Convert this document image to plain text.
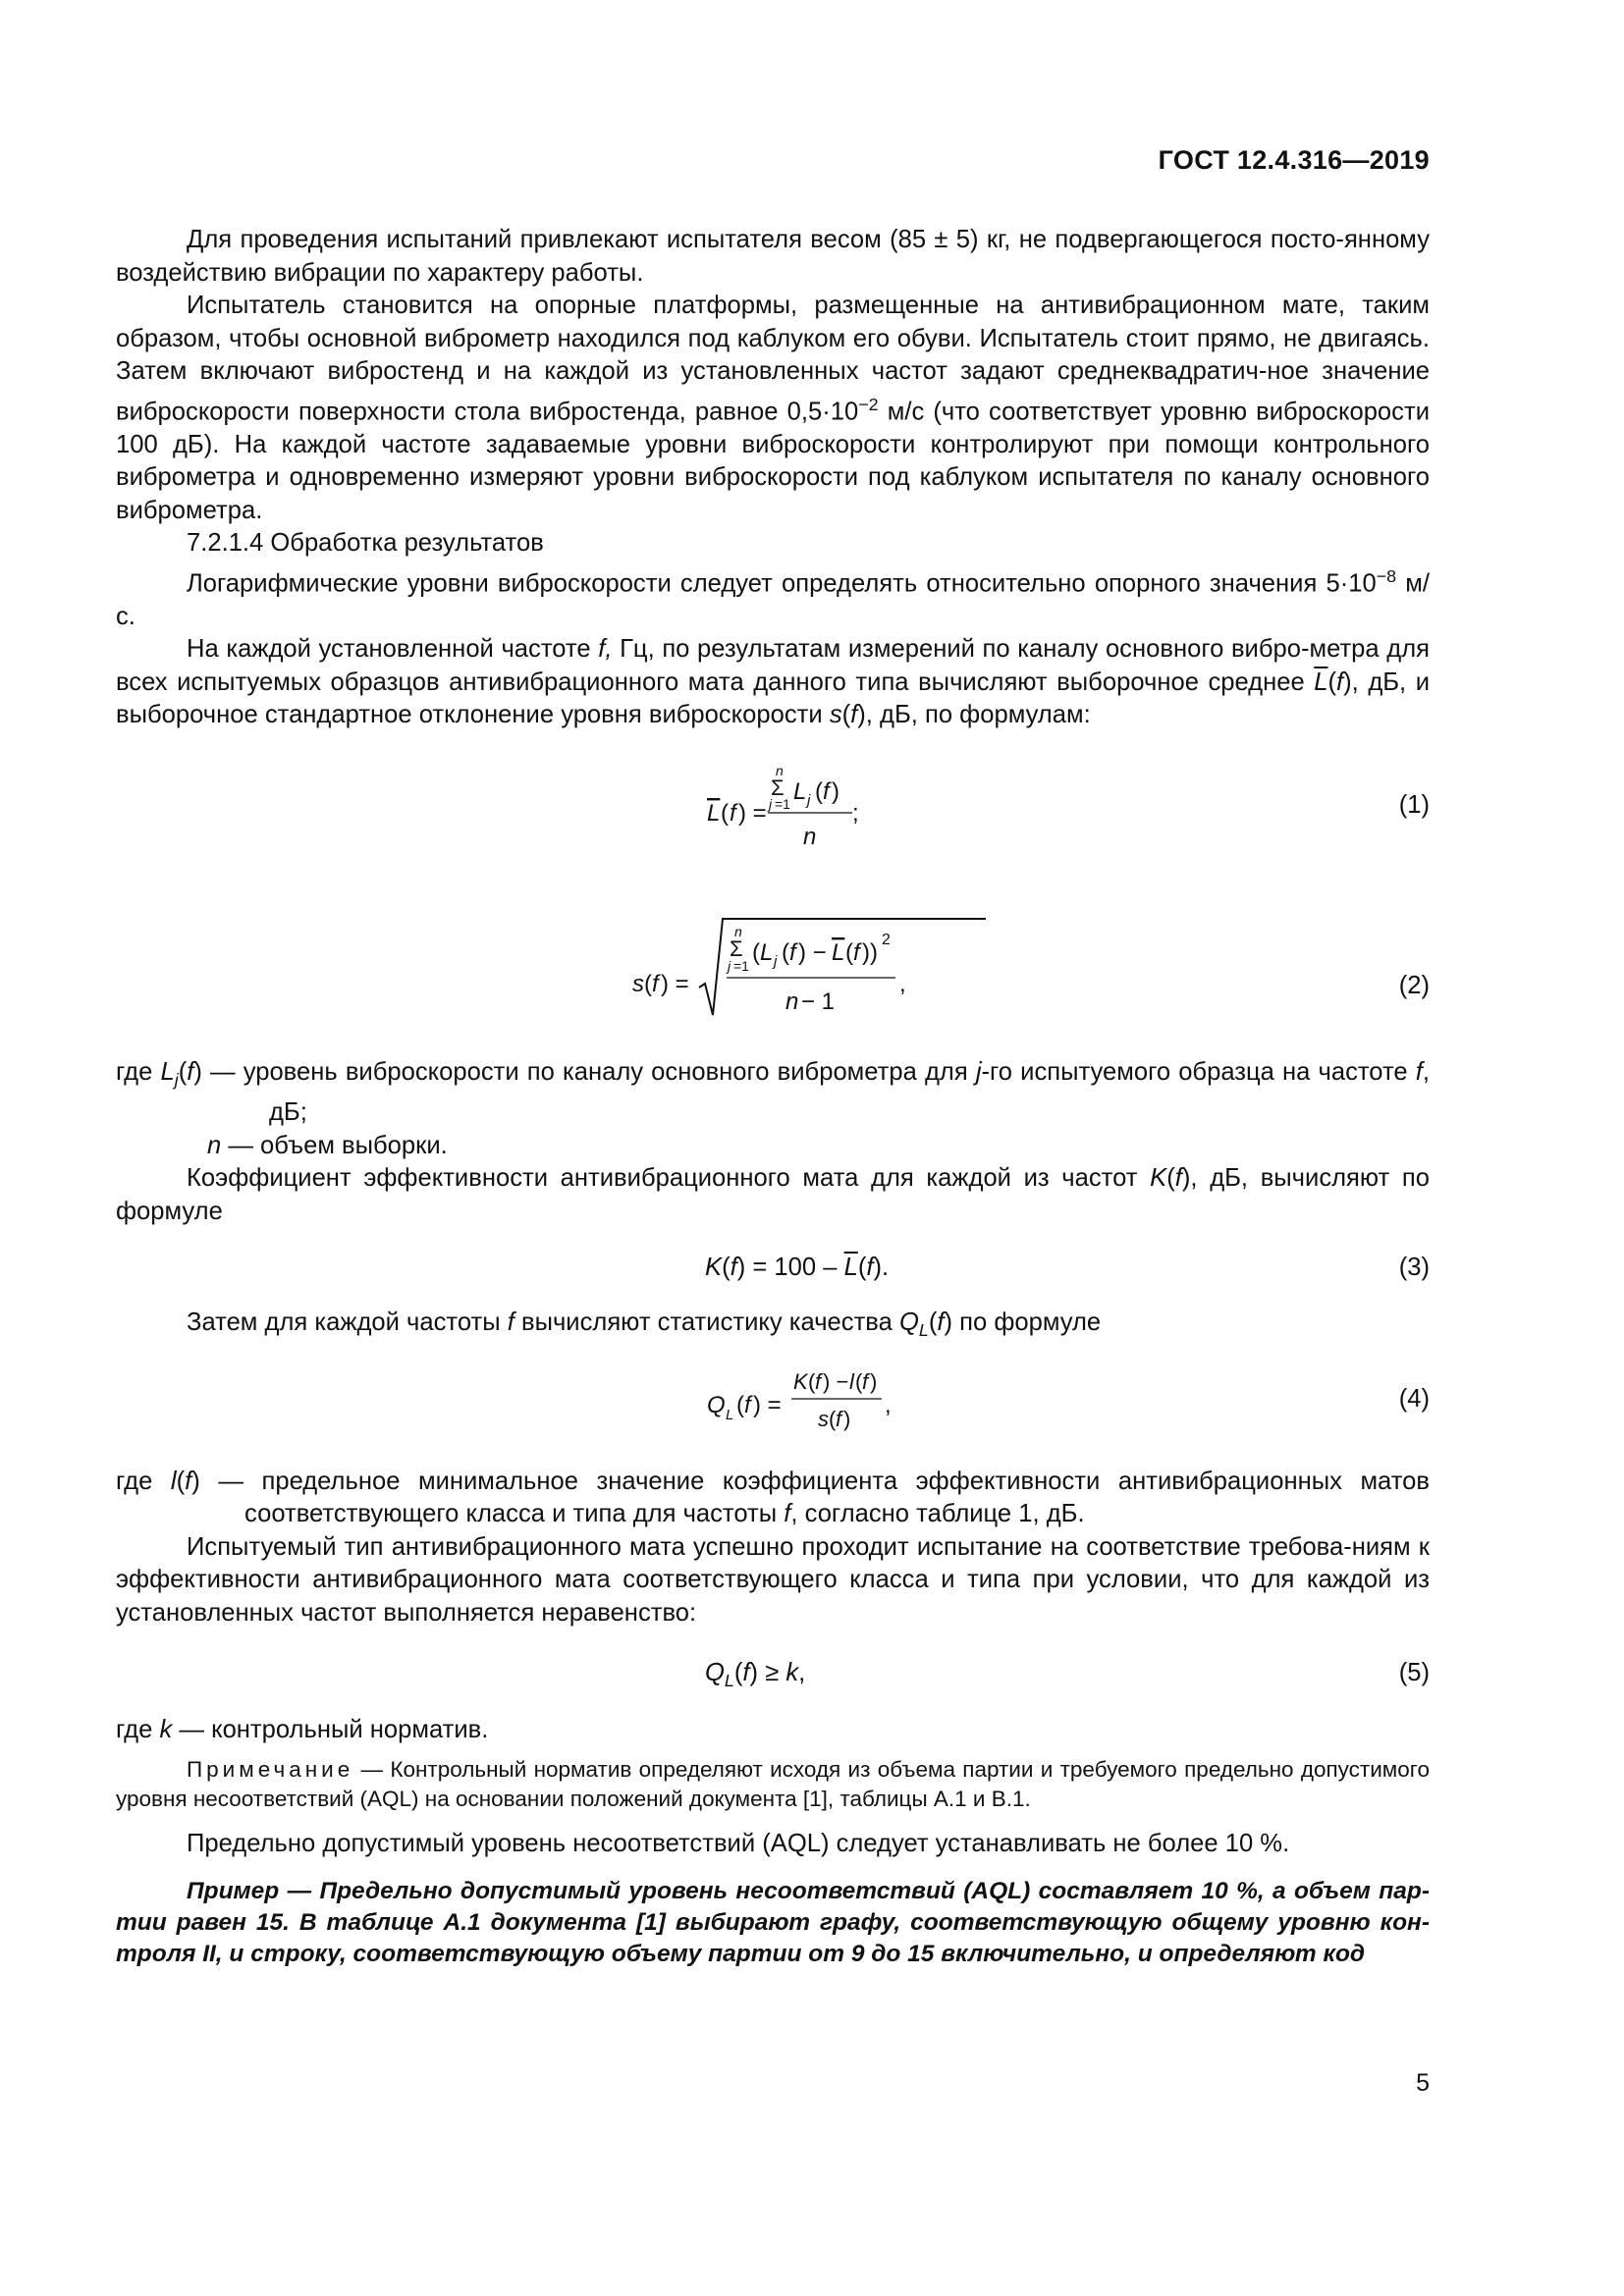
ГОСТ 12.4.316—2019

Для проведения испытаний привлекают испытателя весом (85 ± 5) кг, не подвергающегося посто-янному воздействию вибрации по характеру работы.

Испытатель становится на опорные платформы, размещенные на антивибрационном мате, таким образом, чтобы основной виброметр находился под каблуком его обуви. Испытатель стоит прямо, не двигаясь. Затем включают вибростенд и на каждой из установленных частот задают среднеквадратич-ное значение виброскорости поверхности стола вибростенда, равное $0,5\cdot 10^{-2}$ м/с (что соответствует уровню виброскорости 100 дБ). На каждой частоте задаваемые уровни виброскорости контролируют при помощи контрольного виброметра и одновременно измеряют уровни виброскорости под каблуком испытателя по каналу основного виброметра.

7.2.1.4 Обработка результатов

Логарифмические уровни виброскорости следует определять относительно опорного значения $5\cdot 10^{-8}$ м/с.

На каждой установленной частоте f, Гц, по результатам измерений по каналу основного вибро-метра для всех испытуемых образцов антивибрационного мата данного типа вычисляют выборочное среднее $\overline{L}(f)$, дБ, и выборочное стандартное отклонение уровня виброскорости s(f), дБ, по формулам:

L ( f ) =
n
Σ
j =1 L j ( f )
n
;	(1)
s ( f ) =
n
Σ
j =1 ( L j ( f ) − L ( f )) 2
n − 1
,	(2)

где $L_j(f)$ — уровень виброскорости по каналу основного виброметра для j-го испытуемого образца на частоте f, дБ;

n — объем выборки.

Коэффициент эффективности антивибрационного мата для каждой из частот K(f), дБ, вычисляют по формуле

$K(f) = 100 - \overline{L}(f)$.	(3)

Затем для каждой частоты f вычисляют статистику качества $Q_L(f)$ по формуле

Q L ( f ) =
K ( f ) − l ( f )
s ( f )
,	(4)

где l(f) — предельное минимальное значение коэффициента эффективности антивибрационных матов соответствующего класса и типа для частоты f, согласно таблице 1, дБ.

Испытуемый тип антивибрационного мата успешно проходит испытание на соответствие требова-ниям к эффективности антивибрационного мата соответствующего класса и типа при условии, что для каждой из установленных частот выполняется неравенство:

$Q_L(f) \ge k$,	(5)

где k — контрольный норматив.

Примечание — Контрольный норматив определяют исходя из объема партии и требуемого предельно допустимого уровня несоответствий (AQL) на основании положений документа [1], таблицы А.1 и В.1.

Предельно допустимый уровень несоответствий (AQL) следует устанавливать не более 10 %.

Пример — Предельно допустимый уровень несоответствий (AQL) составляет 10 %, а объем пар-тии равен 15. В таблице А.1 документа [1] выбирают графу, соответствующую общему уровню кон-троля II, и строку, соответствующую объему партии от 9 до 15 включительно, и определяют код

5
